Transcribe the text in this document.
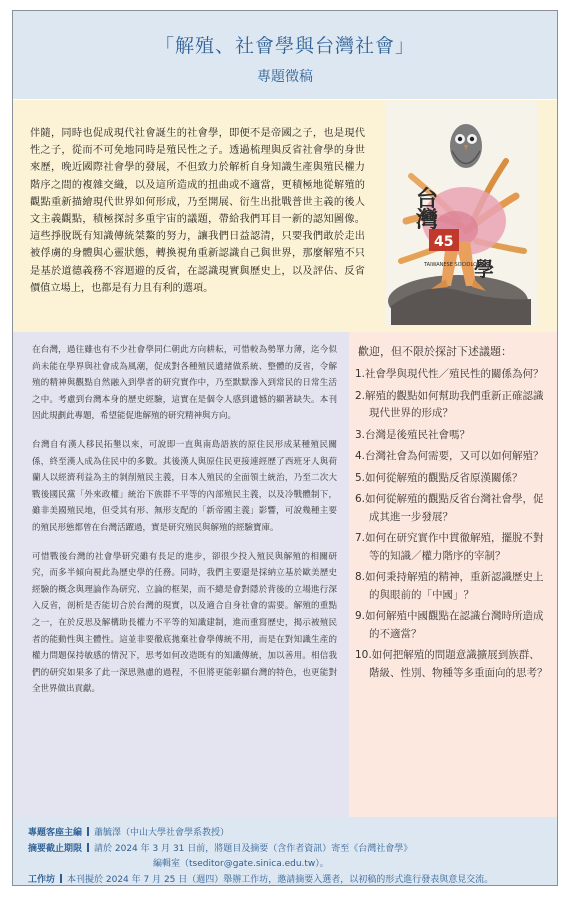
「解殖、社會學與台灣社會」
專題徵稿
伴隨，同時也促成現代社會誕生的社會學，即便不是帝國之子，也是現代性之子，從而不可免地同時是殖民性之子。透過梳理與反省社會學的身世來歷，晚近國際社會學的發展，不但致力於解析自身知識生產與殖民權力階序之間的複雜交織，以及這所造成的扭曲或不適當，更積極地從解殖的觀點重新描繪現代世界如何形成，乃至開展、衍生出批戰普世主義的後人文主義觀點，積極探討多重宇宙的議題，帶給我們耳目一新的認知圖像。這些掙脫既有知識傳統桀鰲的努力，讓我們日益認清，只要我們敢於走出被俘虜的身體與心靈狀態，轉換視角重新認識自己與世界，那麼解殖不只是基於道德義務不容迴避的反省，在認識現實與歷史上，以及評估、反省價值立場上，也都是有力且有利的選項。
台
灣
學
45
TAIWANESE SOCIOLOGY

在台灣，過往雖也有不少社會學同仁朝此方向耕耘，可惜較為勢單力薄，迄今似尚未能在學界與社會成為風潮，促成對各種殖民遺緒做系統、整體的反省，令解殖的精神與觀點自然融入到學者的研究實作中，乃至默默滲入到常民的日常生活之中。考慮到台灣本身的歷史經驗，這實在是個令人感到遺憾的顯著缺失。本刊因此規劃此專題，希望能促進解殖的研究精神與方向。

台灣自有漢人移民拓墾以來，可說即一直與南島語族的原住民形成某種殖民關係，終至漢人成為住民中的多數。其後漢人與原住民更接連經歷了西班牙人與荷蘭人以經濟利益為主的剝削殖民主義，日本人殖民的全面領土統治，乃至二次大戰後國民黨「外來政權」統治下族群不平等的內部殖民主義，以及冷戰體制下，雖非美國殖民地，但受其有形、無形支配的「新帝國主義」影響，可說幾種主要的殖民形態都曾在台灣活躍過，實是研究殖民與解殖的經驗寶庫。

可惜戰後台灣的社會學研究雖有長足的進步，卻很少投入殖民與解殖的相關研究，而多半傾向視此為歷史學的任務。同時，我們主要還是採納立基於歐美歷史經驗的概念與理論作為研究、立論的框架，而不總是會對隱於背後的立場進行深入反省，剖析是否能切合於台灣的現實，以及適合自身社會的需要。解殖的重點之一，在於反思及解構助長權力不平等的知識建制，進而重寫歷史，揭示被殖民者的能動性與主體性。這並非要徹底拋棄社會學傳統不用，而是在對知識生產的權力問題保持敏感的情況下，思考如何改造既有的知識傳統，加以善用。相信我們的研究如果多了此一深思熟慮的過程，不但將更能彰顯台灣的特色，也更能對全世界做出貢獻。

歡迎，但不限於探討下述議題：
1.社會學與現代性／殖民性的關係為何？
2.解殖的觀點如何幫助我們重新正確認識現代世界的形成？
3.台灣是後殖民社會嗎？
4.台灣社會為何需要，又可以如何解殖？
5.如何從解殖的觀點反省原漢關係？
6.如何從解殖的觀點反省台灣社會學，促成其進一步發展？
7.如何在研究實作中貫徹解殖，擺脫不對等的知識／權力階序的宰制？
8.如何秉持解殖的精神，重新認識歷史上的與眼前的「中國」？
9.如何解殖中國觀點在認識台灣時所造成的不適當？
10.如何把解殖的問題意識擴展到族群、階級、性別、物種等多重面向的思考？
專題客座主編 蕭毓澤（中山大學社會學系教授）
摘要截止期限 請於 2024 年 3 月 31 日前，將題目及摘要（含作者資訊）寄至《台灣社會學》
編輯室（tseditor@gate.sinica.edu.tw）。
工作坊 本刊擬於 2024 年 7 月 25 日（週四）舉辦工作坊，邀請摘要入選者，以初稿的形式進行發表與意見交流。
